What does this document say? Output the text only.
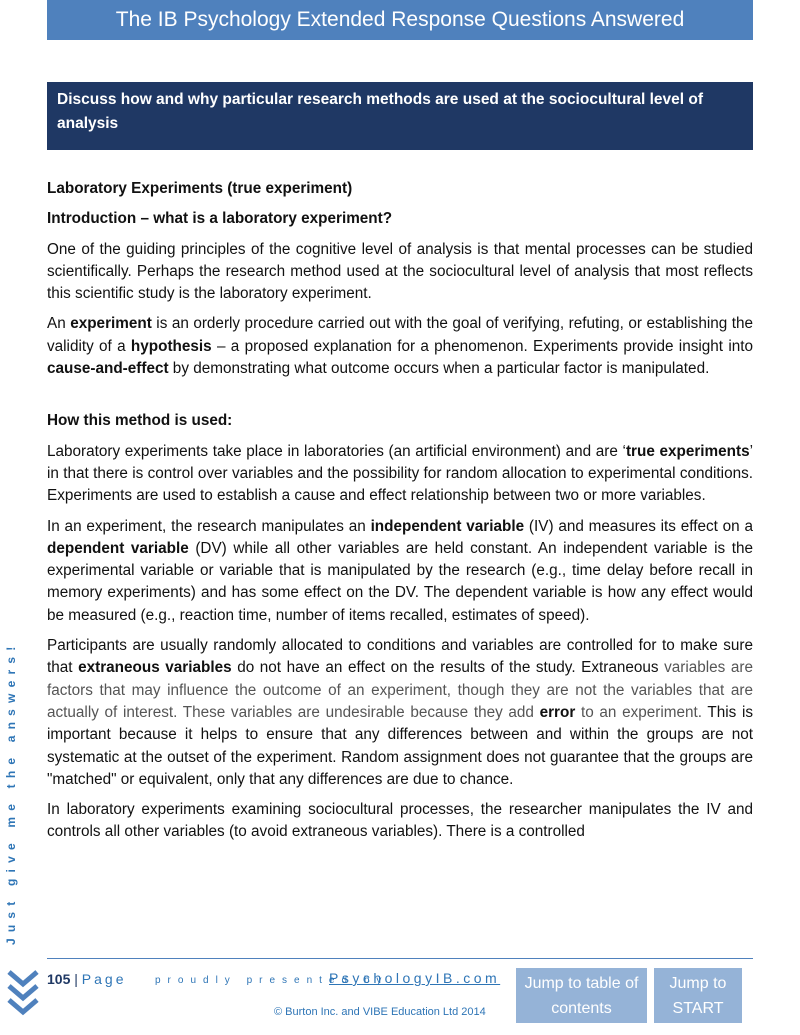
The IB Psychology Extended Response Questions Answered
Discuss how and why particular research methods are used at the sociocultural level of analysis
Laboratory Experiments (true experiment)
Introduction – what is a laboratory experiment?

One of the guiding principles of the cognitive level of analysis is that mental processes can be studied scientifically. Perhaps the research method used at the sociocultural level of analysis that most reflects this scientific study is the laboratory experiment.

An experiment is an orderly procedure carried out with the goal of verifying, refuting, or establishing the validity of a hypothesis – a proposed explanation for a phenomenon. Experiments provide insight into cause-and-effect by demonstrating what outcome occurs when a particular factor is manipulated.

How this method is used:

Laboratory experiments take place in laboratories (an artificial environment) and are ‘true experiments’ in that there is control over variables and the possibility for random allocation to experimental conditions. Experiments are used to establish a cause and effect relationship between two or more variables.

In an experiment, the research manipulates an independent variable (IV) and measures its effect on a dependent variable (DV) while all other variables are held constant. An independent variable is the experimental variable or variable that is manipulated by the research (e.g., time delay before recall in memory experiments) and has some effect on the DV. The dependent variable is how any effect would be measured (e.g., reaction time, number of items recalled, estimates of speed).

Participants are usually randomly allocated to conditions and variables are controlled for to make sure that extraneous variables do not have an effect on the results of the study. Extraneous variables are factors that may influence the outcome of an experiment, though they are not the variables that are actually of interest. These variables are undesirable because they add error to an experiment. This is important because it helps to ensure that any differences between and within the groups are not systematic at the outset of the experiment. Random assignment does not guarantee that the groups are "matched" or equivalent, only that any differences are due to chance.

In laboratory experiments examining sociocultural processes, the researcher manipulates the IV and controls all other variables (to avoid extraneous variables). There is a controlled

Just give me the answers!
105 | Page	proudly presented by
PsychologyIB.com
© Burton Inc. and VIBE Education Ltd 2014
Jump to table of contents
Jump to START
